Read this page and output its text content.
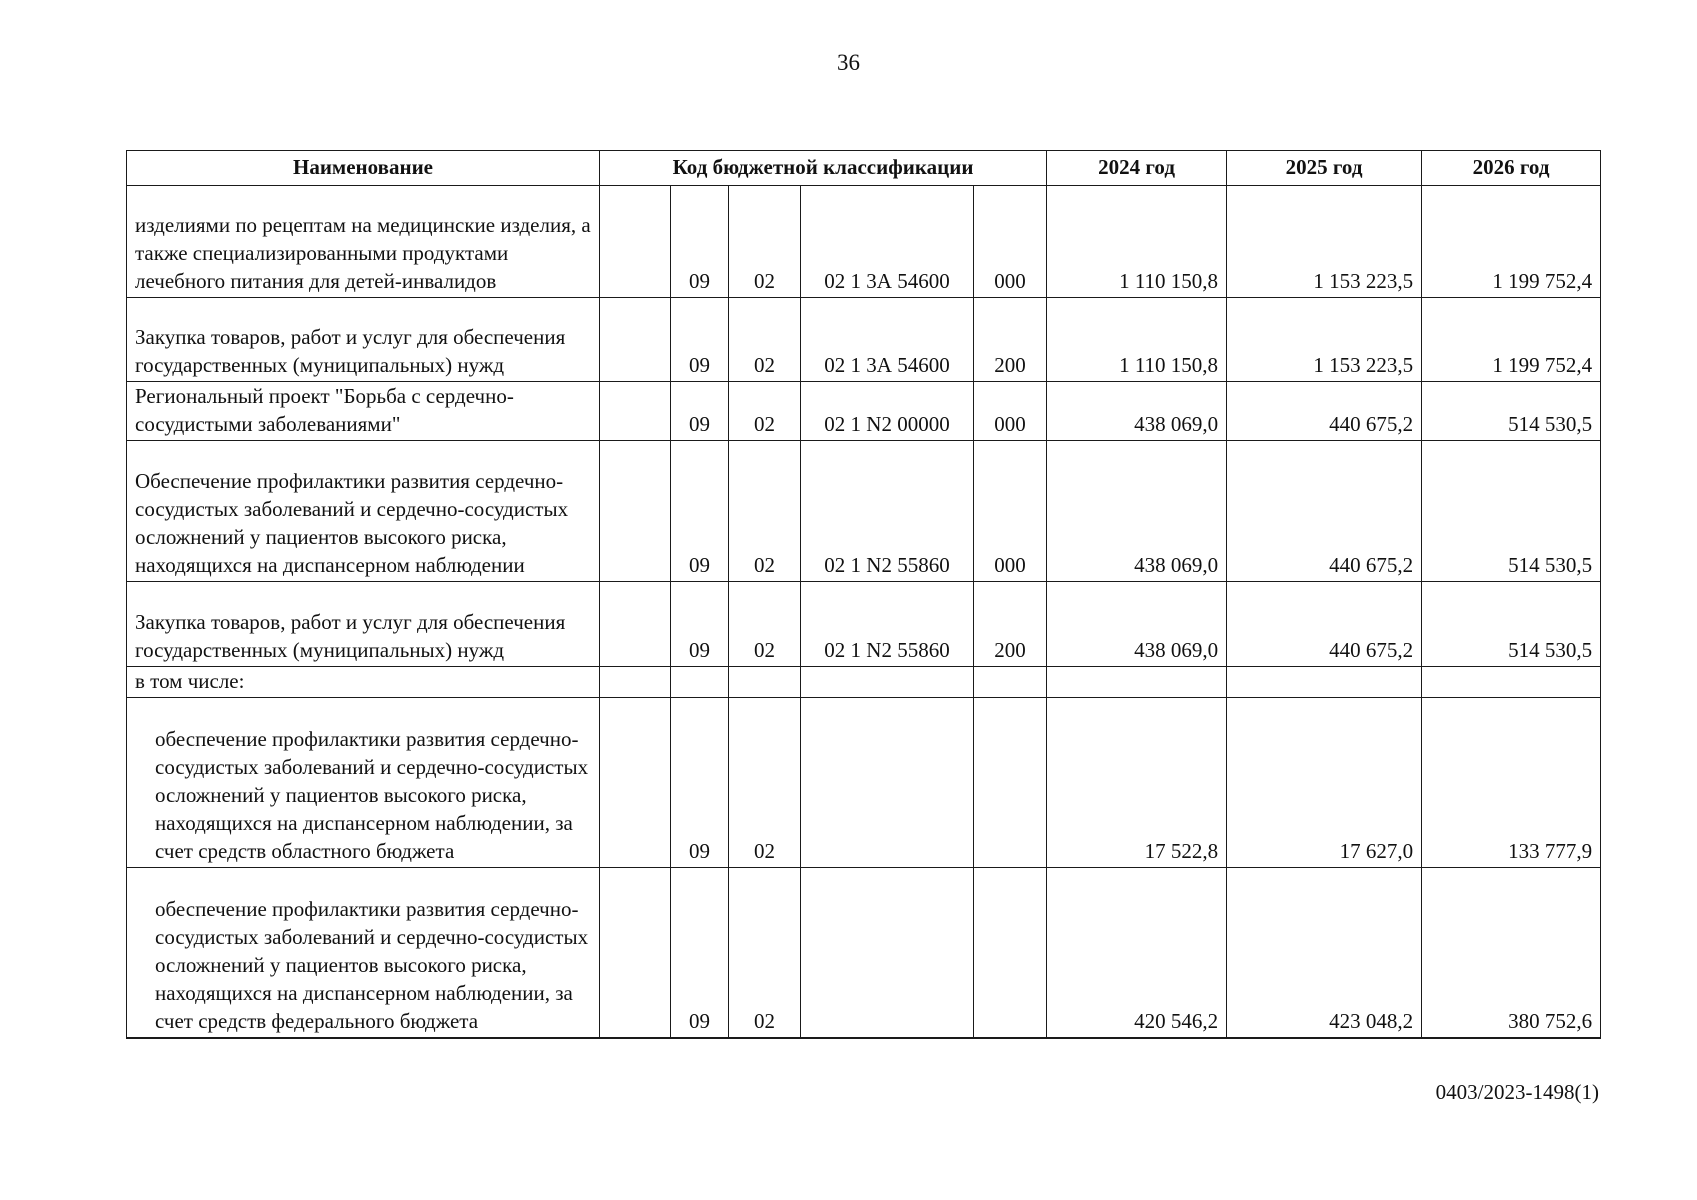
36
Наименование	Код бюджетной классификации					2024 год	2025 год	2026 год
изделиями по рецептам на медицинские изделия, а также специализированными продуктами лечебного питания для детей-инвалидов		09	02	02 1 3А 54600	000	1 110 150,8	1 153 223,5	1 199 752,4
Закупка товаров, работ и услуг для обеспечения государственных (муниципальных) нужд		09	02	02 1 3А 54600	200	1 110 150,8	1 153 223,5	1 199 752,4
Региональный проект "Борьба с сердечно-сосудистыми заболеваниями"		09	02	02 1 N2 00000	000	438 069,0	440 675,2	514 530,5
Обеспечение профилактики развития сердечно-сосудистых заболеваний и сердечно-сосудистых осложнений у пациентов высокого риска, находящихся на диспансерном наблюдении		09	02	02 1 N2 55860	000	438 069,0	440 675,2	514 530,5
Закупка товаров, работ и услуг для обеспечения государственных (муниципальных) нужд		09	02	02 1 N2 55860	200	438 069,0	440 675,2	514 530,5
в том числе:								
обеспечение профилактики развития сердечно-сосудистых заболеваний и сердечно-сосудистых осложнений у пациентов высокого риска, находящихся на диспансерном наблюдении, за счет средств областного бюджета		09	02			17 522,8	17 627,0	133 777,9
обеспечение профилактики развития сердечно-сосудистых заболеваний и сердечно-сосудистых осложнений у пациентов высокого риска, находящихся на диспансерном наблюдении, за счет средств федерального бюджета		09	02			420 546,2	423 048,2	380 752,6
0403/2023-1498(1)
